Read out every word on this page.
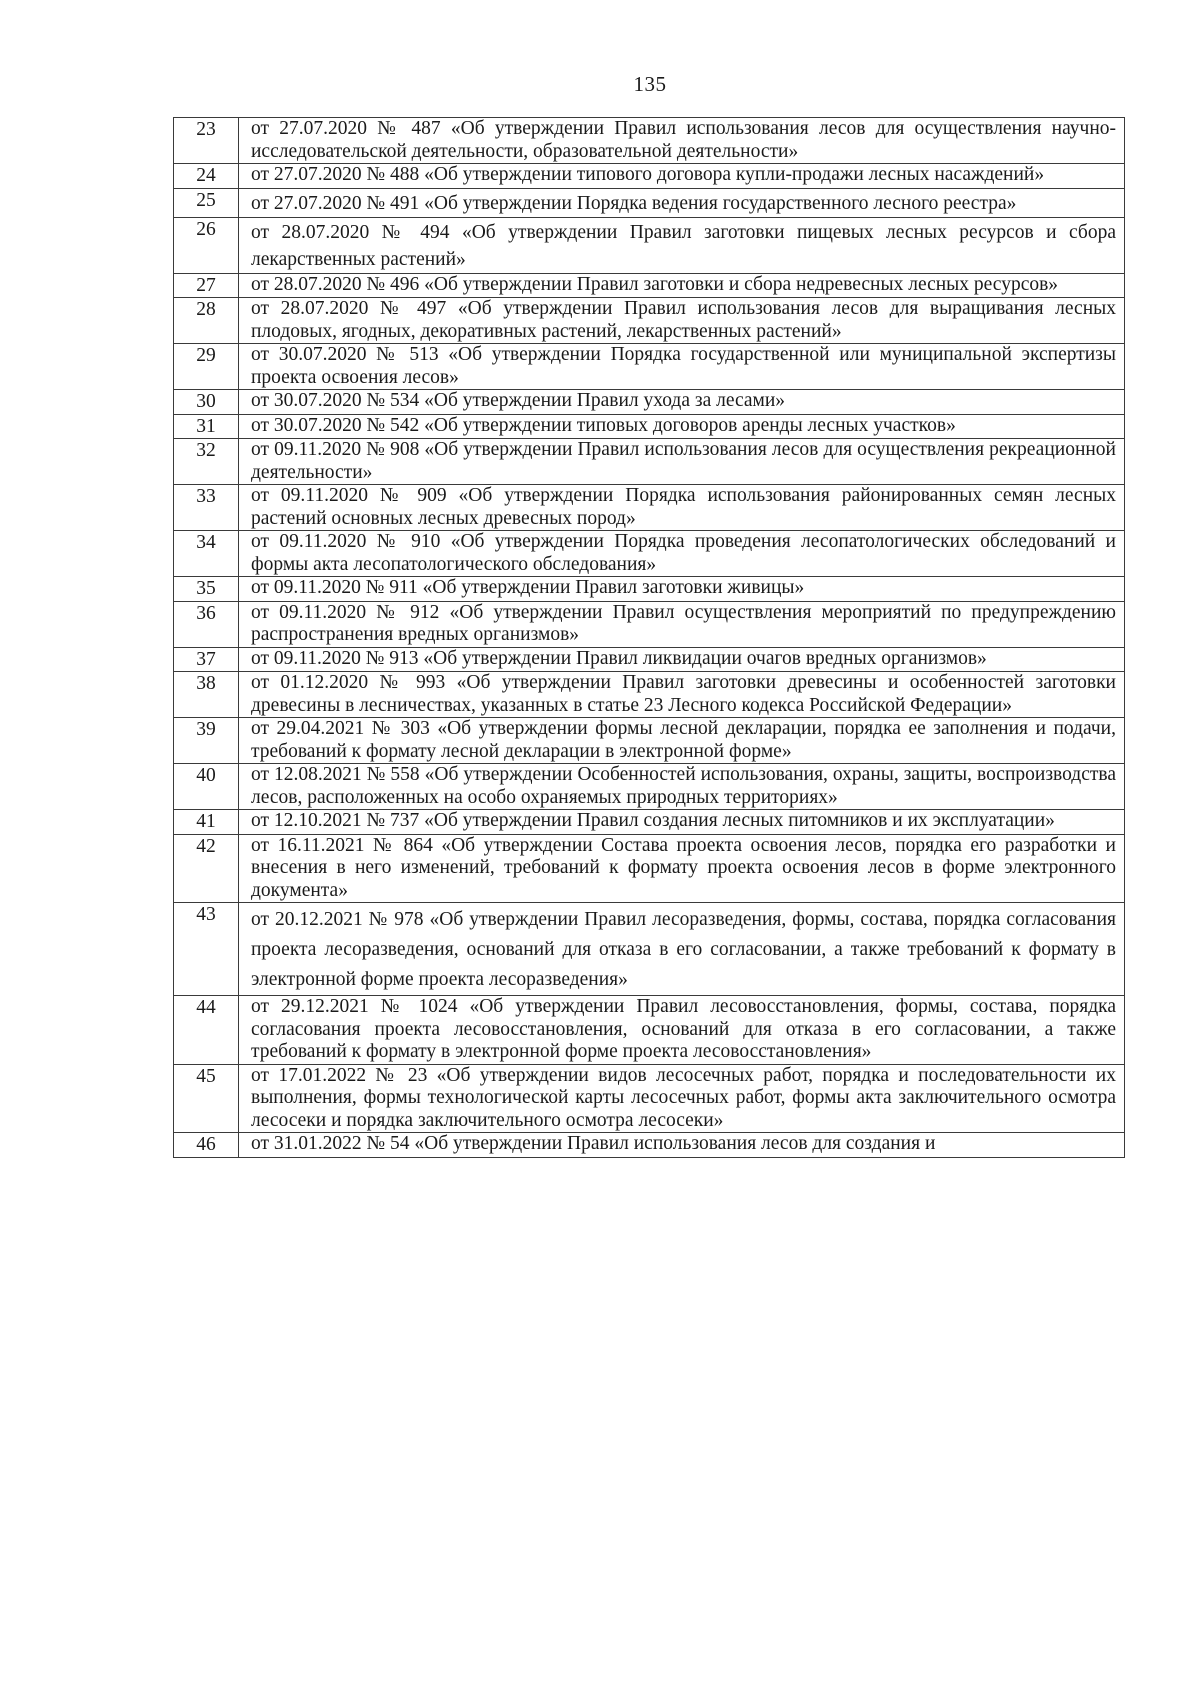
135
23	от 27.07.2020 № 487 «Об утверждении Правил использования лесов для осуществления научно-исследовательской деятельности, образовательной деятельности»
24	от 27.07.2020 № 488 «Об утверждении типового договора купли-продажи лесных насаждений»
25	от 27.07.2020 № 491 «Об утверждении Порядка ведения государственного лесного реестра»
26	от 28.07.2020 № 494 «Об утверждении Правил заготовки пищевых лесных ресурсов и сбора лекарственных растений»
27	от 28.07.2020 № 496 «Об утверждении Правил заготовки и сбора недревесных лесных ресурсов»
28	от 28.07.2020 № 497 «Об утверждении Правил использования лесов для выращивания лесных плодовых, ягодных, декоративных растений, лекарственных растений»
29	от 30.07.2020 № 513 «Об утверждении Порядка государственной или муниципальной экспертизы проекта освоения лесов»
30	от 30.07.2020 № 534 «Об утверждении Правил ухода за лесами»
31	от 30.07.2020 № 542 «Об утверждении типовых договоров аренды лесных участков»
32	от 09.11.2020 № 908 «Об утверждении Правил использования лесов для осуществления рекреационной деятельности»
33	от 09.11.2020 № 909 «Об утверждении Порядка использования районированных семян лесных растений основных лесных древесных пород»
34	от 09.11.2020 № 910 «Об утверждении Порядка проведения лесопатологических обследований и формы акта лесопатологического обследования»
35	от 09.11.2020 № 911 «Об утверждении Правил заготовки живицы»
36	от 09.11.2020 № 912 «Об утверждении Правил осуществления мероприятий по предупреждению распространения вредных организмов»
37	от 09.11.2020 № 913 «Об утверждении Правил ликвидации очагов вредных организмов»
38	от 01.12.2020 № 993 «Об утверждении Правил заготовки древесины и особенностей заготовки древесины в лесничествах, указанных в статье 23 Лесного кодекса Российской Федерации»
39	от 29.04.2021 № 303 «Об утверждении формы лесной декларации, порядка ее заполнения и подачи, требований к формату лесной декларации в электронной форме»
40	от 12.08.2021 № 558 «Об утверждении Особенностей использования, охраны, защиты, воспроизводства лесов, расположенных на особо охраняемых природных территориях»
41	от 12.10.2021 № 737 «Об утверждении Правил создания лесных питомников и их эксплуатации»
42	от 16.11.2021 № 864 «Об утверждении Состава проекта освоения лесов, порядка его разработки и внесения в него изменений, требований к формату проекта освоения лесов в форме электронного документа»
43	от 20.12.2021 № 978 «Об утверждении Правил лесоразведения, формы, состава, порядка согласования проекта лесоразведения, оснований для отказа в его согласовании, а также требований к формату в электронной форме проекта лесоразведения»
44	от 29.12.2021 № 1024 «Об утверждении Правил лесовосстановления, формы, состава, порядка согласования проекта лесовосстановления, оснований для отказа в его согласовании, а также требований к формату в электронной форме проекта лесовосстановления»
45	от 17.01.2022 № 23 «Об утверждении видов лесосечных работ, порядка и последовательности их выполнения, формы технологической карты лесосечных работ, формы акта заключительного осмотра лесосеки и порядка заключительного осмотра лесосеки»
46	от 31.01.2022 № 54 «Об утверждении Правил использования лесов для создания и
